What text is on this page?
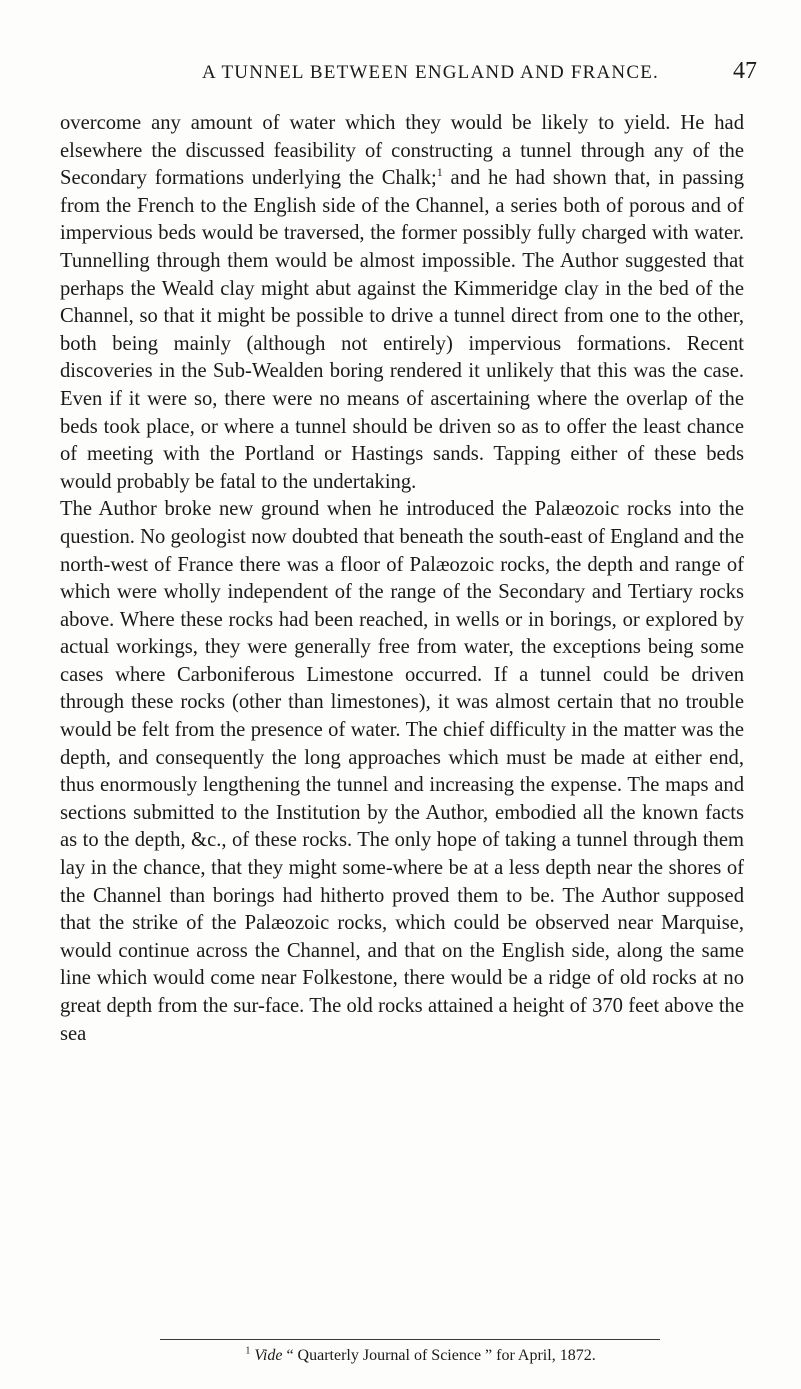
A TUNNEL BETWEEN ENGLAND AND FRANCE.	47

overcome any amount of water which they would be likely to yield. He had elsewhere the discussed feasibility of constructing a tunnel through any of the Secondary formations underlying the Chalk;$^1$ and he had shown that, in passing from the French to the English side of the Channel, a series both of porous and of impervious beds would be traversed, the former possibly fully charged with water. Tunnelling through them would be almost impossible. The Author suggested that perhaps the Weald clay might abut against the Kimmeridge clay in the bed of the Channel, so that it might be possible to drive a tunnel direct from one to the other, both being mainly (although not entirely) impervious formations. Recent discoveries in the Sub-Wealden boring rendered it unlikely that this was the case. Even if it were so, there were no means of ascertaining where the overlap of the beds took place, or where a tunnel should be driven so as to offer the least chance of meeting with the Portland or Hastings sands. Tapping either of these beds would probably be fatal to the undertaking.

The Author broke new ground when he introduced the Palæozoic rocks into the question. No geologist now doubted that beneath the south-east of England and the north-west of France there was a floor of Palæozoic rocks, the depth and range of which were wholly independent of the range of the Secondary and Tertiary rocks above. Where these rocks had been reached, in wells or in borings, or explored by actual workings, they were generally free from water, the exceptions being some cases where Carboniferous Limestone occurred. If a tunnel could be driven through these rocks (other than limestones), it was almost certain that no trouble would be felt from the presence of water. The chief difficulty in the matter was the depth, and consequently the long approaches which must be made at either end, thus enormously lengthening the tunnel and increasing the expense. The maps and sections submitted to the Institution by the Author, embodied all the known facts as to the depth, &c., of these rocks. The only hope of taking a tunnel through them lay in the chance, that they might some-where be at a less depth near the shores of the Channel than borings had hitherto proved them to be. The Author supposed that the strike of the Palæozoic rocks, which could be observed near Marquise, would continue across the Channel, and that on the English side, along the same line which would come near Folkestone, there would be a ridge of old rocks at no great depth from the sur-face. The old rocks attained a height of 370 feet above the sea

$^1$ Vide “ Quarterly Journal of Science ” for April, 1872.
